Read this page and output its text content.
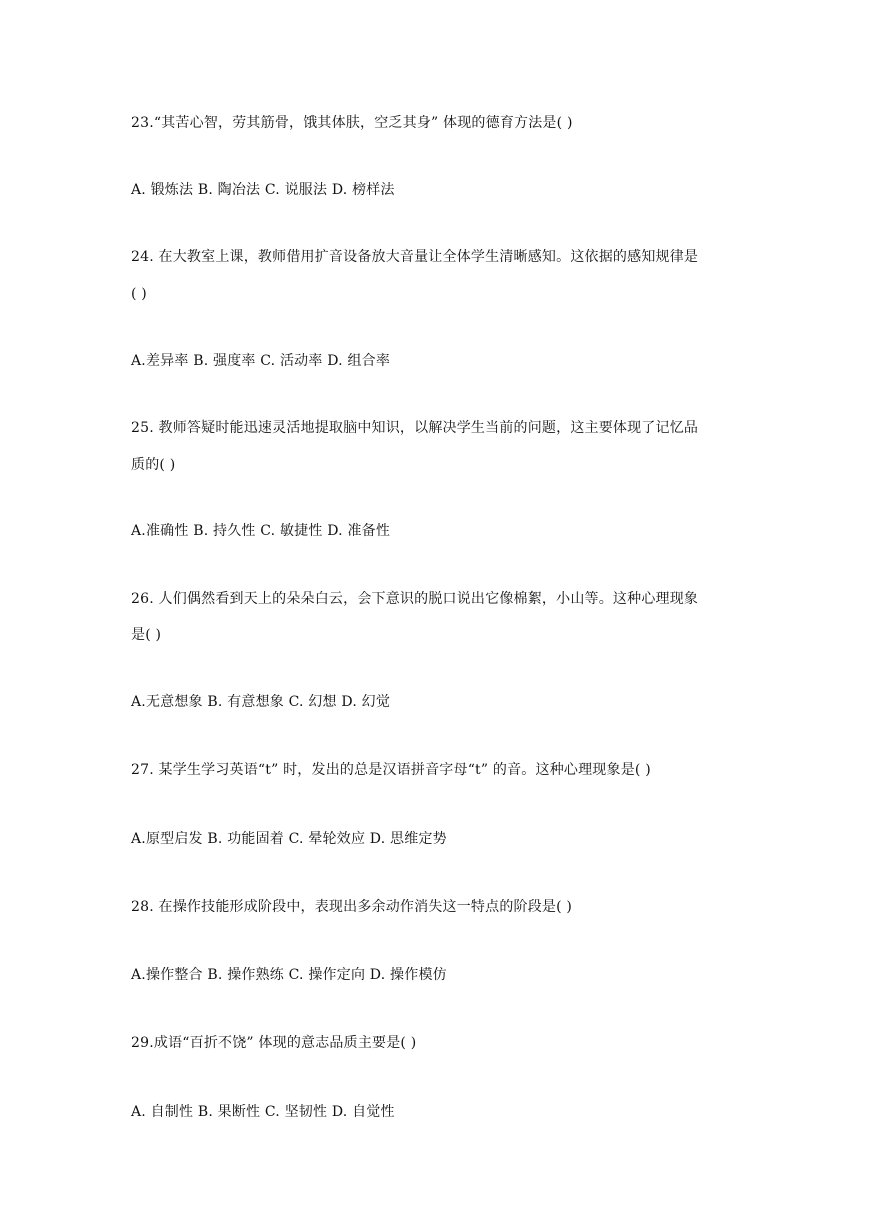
23.“其苦心智，劳其筋骨，饿其体肤，空乏其身” 体现的德育方法是( )
A. 锻炼法 B. 陶冶法 C. 说服法 D. 榜样法
24. 在大教室上课，教师借用扩音设备放大音量让全体学生清晰感知。这依据的感知规律是
( )
A.差异率 B. 强度率 C. 活动率 D. 组合率
25. 教师答疑时能迅速灵活地提取脑中知识，以解决学生当前的问题，这主要体现了记忆品
质的( )
A.准确性 B. 持久性 C. 敏捷性 D. 准备性
26. 人们偶然看到天上的朵朵白云，会下意识的脱口说出它像棉絮，小山等。这种心理现象
是( )
A.无意想象 B. 有意想象 C. 幻想 D. 幻觉
27. 某学生学习英语“t” 时，发出的总是汉语拼音字母“t” 的音。这种心理现象是( )
A.原型启发 B. 功能固着 C. 晕轮效应 D. 思维定势
28. 在操作技能形成阶段中，表现出多余动作消失这一特点的阶段是( )
A.操作整合 B. 操作熟练 C. 操作定向 D. 操作模仿
29.成语“百折不饶” 体现的意志品质主要是( )
A. 自制性 B. 果断性 C. 坚韧性 D. 自觉性
